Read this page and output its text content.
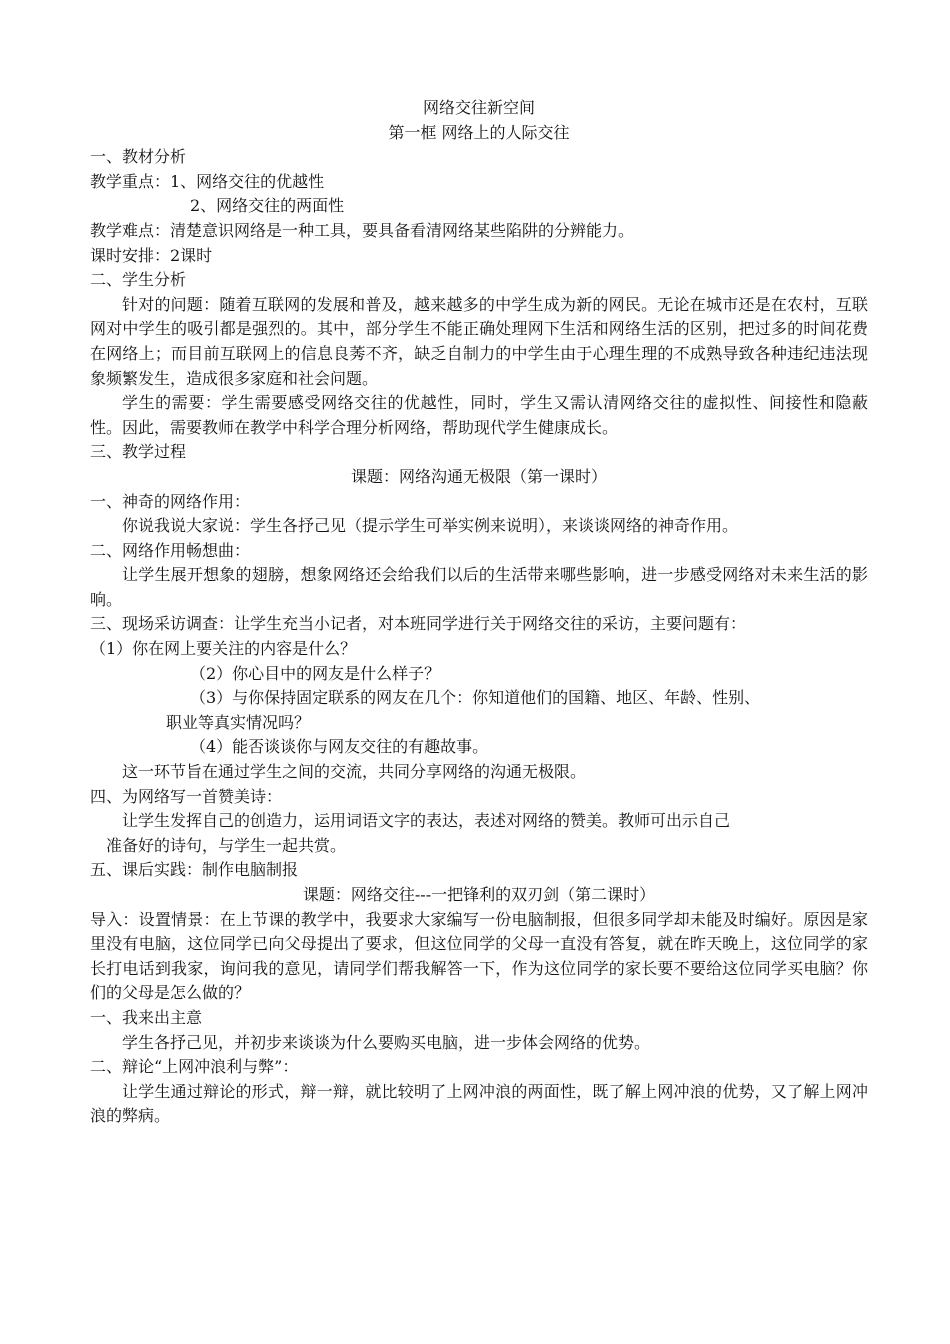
网络交往新空间
第一框 网络上的人际交往
一、教材分析
教学重点：1、网络交往的优越性
2、网络交往的两面性
教学难点：清楚意识网络是一种工具，要具备看清网络某些陷阱的分辨能力。
课时安排：2课时
二、学生分析
针对的问题：随着互联网的发展和普及，越来越多的中学生成为新的网民。无论在城市还是在农村，互联网对中学生的吸引都是强烈的。其中，部分学生不能正确处理网下生活和网络生活的区别，把过多的时间花费在网络上；而目前互联网上的信息良莠不齐，缺乏自制力的中学生由于心理生理的不成熟导致各种违纪违法现象频繁发生，造成很多家庭和社会问题。
学生的需要：学生需要感受网络交往的优越性，同时，学生又需认清网络交往的虚拟性、间接性和隐蔽性。因此，需要教师在教学中科学合理分析网络，帮助现代学生健康成长。
三、教学过程
课题：网络沟通无极限（第一课时）
一、神奇的网络作用：
你说我说大家说：学生各抒己见（提示学生可举实例来说明），来谈谈网络的神奇作用。
二、网络作用畅想曲：
让学生展开想象的翅膀，想象网络还会给我们以后的生活带来哪些影响，进一步感受网络对未来生活的影响。
三、现场采访调查：让学生充当小记者，对本班同学进行关于网络交往的采访，主要问题有：
（1）你在网上要关注的内容是什么？
（2）你心目中的网友是什么样子？
（3）与你保持固定联系的网友在几个：你知道他们的国籍、地区、年龄、性别、
职业等真实情况吗？
（4）能否谈谈你与网友交往的有趣故事。
这一环节旨在通过学生之间的交流，共同分享网络的沟通无极限。
四、为网络写一首赞美诗：
让学生发挥自己的创造力，运用词语文字的表达，表述对网络的赞美。教师可出示自己
准备好的诗句，与学生一起共赏。
五、课后实践：制作电脑制报
课题：网络交往---一把锋利的双刃剑（第二课时）
导入：设置情景：在上节课的教学中，我要求大家编写一份电脑制报，但很多同学却未能及时编好。原因是家里没有电脑，这位同学已向父母提出了要求，但这位同学的父母一直没有答复，就在昨天晚上，这位同学的家长打电话到我家，询问我的意见，请同学们帮我解答一下，作为这位同学的家长要不要给这位同学买电脑？你们的父母是怎么做的？
一、我来出主意
学生各抒己见，并初步来谈谈为什么要购买电脑，进一步体会网络的优势。
二、辩论“上网冲浪利与弊”：
让学生通过辩论的形式，辩一辩，就比较明了上网冲浪的两面性，既了解上网冲浪的优势，又了解上网冲浪的弊病。
